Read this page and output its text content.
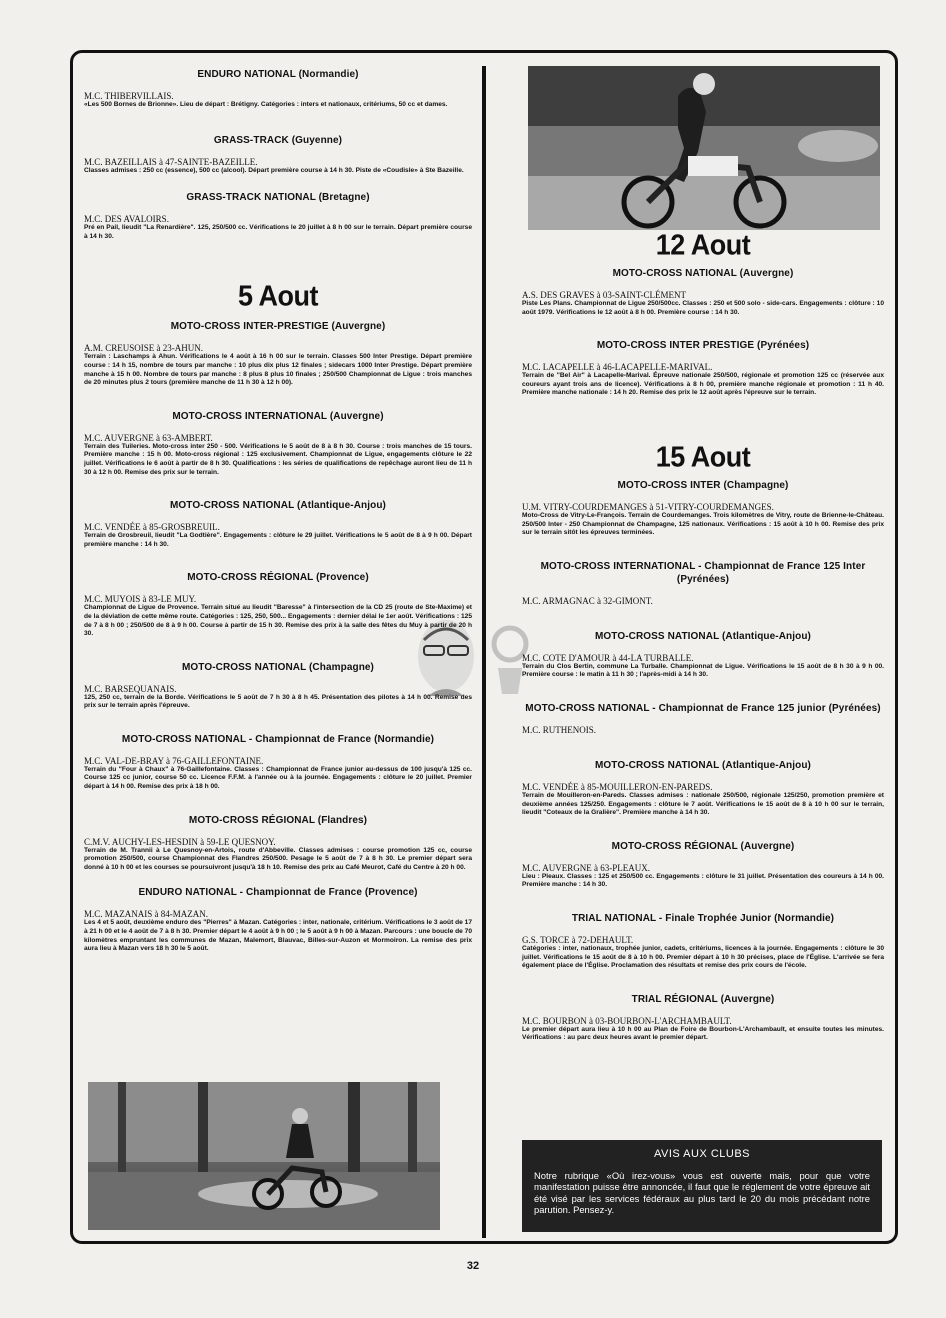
ENDURO NATIONAL (Normandie)

M.C. THIBERVILLAIS.

«Les 500 Bornes de Brionne». Lieu de départ : Brétigny. Catégories : inters et nationaux, critériums, 50 cc et dames.

GRASS-TRACK (Guyenne)

M.C. BAZEILLAIS à 47-SAINTE-BAZEILLE.

Classes admises : 250 cc (essence), 500 cc (alcool). Départ première course à 14 h 30. Piste de «Coudisle» à Ste Bazeille.

GRASS-TRACK NATIONAL (Bretagne)

M.C. DES AVALOIRS.

Pré en Pail, lieudit "La Renardière". 125, 250/500 cc. Vérifications le 20 juillet à 8 h 00 sur le terrain. Départ première course à 14 h 30.

5 Aout

MOTO-CROSS INTER-PRESTIGE (Auvergne)

A.M. CREUSOISE à 23-AHUN.

Terrain : Laschamps à Ahun. Vérifications le 4 août à 16 h 00 sur le terrain. Classes 500 Inter Prestige. Départ première course : 14 h 15, nombre de tours par manche : 10 plus dix plus 12 finales ; sidecars 1000 Inter Prestige. Départ première manche à 15 h 00. Nombre de tours par manche : 8 plus 8 plus 10 finales ; 250/500 Championnat de Ligue : trois manches de 20 minutes plus 2 tours (première manche de 11 h 30 à 12 h 00).

MOTO-CROSS INTERNATIONAL (Auvergne)

M.C. AUVERGNE à 63-AMBERT.

Terrain des Tuileries. Moto-cross inter 250 - 500. Vérifications le 5 août de 8 à 8 h 30. Course : trois manches de 15 tours. Première manche : 15 h 00. Moto-cross régional : 125 exclusivement. Championnat de Ligue, engagements clôture le 22 juillet. Vérifications le 6 août à partir de 8 h 30. Qualifications : les séries de qualifications de repêchage auront lieu de 11 h 30 à 12 h 00. Remise des prix sur le terrain.

MOTO-CROSS NATIONAL (Atlantique-Anjou)

M.C. VENDÉE à 85-GROSBREUIL.

Terrain de Grosbreuil, lieudit "La Godtière". Engagements : clôture le 29 juillet. Vérifications le 5 août de 8 à 9 h 00. Départ première manche : 14 h 30.

MOTO-CROSS RÉGIONAL (Provence)

M.C. MUYOIS à 83-LE MUY.

Championnat de Ligue de Provence. Terrain situé au lieudit "Baresse" à l'intersection de la CD 25 (route de Ste-Maxime) et de la déviation de cette même route. Catégories : 125, 250, 500... Engagements : dernier délai le 1er août. Vérifications : 125 de 7 à 8 h 00 ; 250/500 de 8 à 9 h 00. Course à partir de 15 h 30. Remise des prix à la salle des fêtes du Muy à partir de 20 h 30.

MOTO-CROSS NATIONAL (Champagne)

M.C. BARSEQUANAIS.

125, 250 cc, terrain de la Borde. Vérifications le 5 août de 7 h 30 à 8 h 45. Présentation des pilotes à 14 h 00. Remise des prix sur le terrain après l'épreuve.

MOTO-CROSS NATIONAL - Championnat de France (Normandie)

M.C. VAL-DE-BRAY à 76-GAILLEFONTAINE.

Terrain du "Four à Chaux" à 76-Gaillefontaine. Classes : Championnat de France junior au-dessus de 100 jusqu'à 125 cc. Course 125 cc junior, course 50 cc. Licence F.F.M. à l'année ou à la journée. Engagements : clôture le 20 juillet. Premier départ à 14 h 00. Remise des prix à 18 h 00.

MOTO-CROSS RÉGIONAL (Flandres)

C.M.V. AUCHY-LES-HESDIN à 59-LE QUESNOY.

Terrain de M. Trannii à Le Quesnoy-en-Artois, route d'Abbeville. Classes admises : course promotion 125 cc, course promotion 250/500, course Championnat des Flandres 250/500. Pesage le 5 août de 7 à 8 h 30. Le premier départ sera donné à 10 h 00 et les courses se poursuivront jusqu'à 18 h 10. Remise des prix au Café Meurot, Café du Centre à 20 h 00.

ENDURO NATIONAL - Championnat de France (Provence)

M.C. MAZANAIS à 84-MAZAN.

Les 4 et 5 août, deuxième enduro des "Pierres" à Mazan. Catégories : inter, nationale, critérium. Vérifications le 3 août de 17 à 21 h 00 et le 4 août de 7 à 8 h 30. Premier départ le 4 août à 9 h 00 ; le 5 août à 9 h 00 à Mazan. Parcours : une boucle de 70 kilomètres empruntant les communes de Mazan, Malemort, Blauvac, Billes-sur-Auzon et Mormoiron. La remise des prix aura lieu à Mazan vers 18 h 30 le 5 août.

12 Aout

MOTO-CROSS NATIONAL (Auvergne)

A.S. DES GRAVES à 03-SAINT-CLÉMENT

Piste Les Plans. Championnat de Ligue 250/500cc. Classes : 250 et 500 solo - side-cars. Engagements : clôture : 10 août 1979. Vérifications le 12 août à 8 h 00. Première course : 14 h 30.

MOTO-CROSS INTER PRESTIGE (Pyrénées)

M.C. LACAPELLE à 46-LACAPELLE-MARIVAL.

Terrain de "Bel Air" à Lacapelle-Marival. Épreuve nationale 250/500, régionale et promotion 125 cc (réservée aux coureurs ayant trois ans de licence). Vérifications à 8 h 00, première manche régionale et promotion : 11 h 40. Première manche nationale : 14 h 20. Remise des prix le 12 août après l'épreuve sur le terrain.

15 Aout

MOTO-CROSS INTER (Champagne)

U.M. VITRY-COURDEMANGES à 51-VITRY-COURDEMANGES.

Moto-Cross de Vitry-Le-François. Terrain de Courdemanges. Trois kilomètres de Vitry, route de Brienne-le-Château. 250/500 Inter - 250 Championnat de Champagne, 125 nationaux. Vérifications : 15 août à 10 h 00. Remise des prix sur le terrain sitôt les épreuves terminées.

MOTO-CROSS INTERNATIONAL - Championnat de France 125 Inter (Pyrénées)

M.C. ARMAGNAC à 32-GIMONT.

MOTO-CROSS NATIONAL (Atlantique-Anjou)

M.C. COTE D'AMOUR à 44-LA TURBALLE.

Terrain du Clos Bertin, commune La Turballe. Championnat de Ligue. Vérifications le 15 août de 8 h 30 à 9 h 00. Première course : le matin à 11 h 30 ; l'après-midi à 14 h 30.

MOTO-CROSS NATIONAL - Championnat de France 125 junior (Pyrénées)

M.C. RUTHENOIS.

MOTO-CROSS NATIONAL (Atlantique-Anjou)

M.C. VENDÉE à 85-MOUILLERON-EN-PAREDS.

Terrain de Mouilleron-en-Pareds. Classes admises : nationale 250/500, régionale 125/250, promotion première et deuxième années 125/250. Engagements : clôture le 7 août. Vérifications le 15 août de 8 à 10 h 00 sur le terrain, lieudit "Coteaux de la Gralière". Première manche à 14 h 30.

MOTO-CROSS RÉGIONAL (Auvergne)

M.C. AUVERGNE à 63-PLEAUX.

Lieu : Pleaux. Classes : 125 et 250/500 cc. Engagements : clôture le 31 juillet. Présentation des coureurs à 14 h 00. Première manche : 14 h 30.

TRIAL NATIONAL - Finale Trophée Junior (Normandie)

G.S. TORCE à 72-DEHAULT.

Catégories : inter, nationaux, trophée junior, cadets, critériums, licences à la journée. Engagements : clôture le 30 juillet. Vérifications le 15 août de 8 à 10 h 00. Premier départ à 10 h 30 précises, place de l'Église. L'arrivée se fera également place de l'Église. Proclamation des résultats et remise des prix cours de l'école.

TRIAL RÉGIONAL (Auvergne)

M.C. BOURBON à 03-BOURBON-L'ARCHAMBAULT.

Le premier départ aura lieu à 10 h 00 au Plan de Foire de Bourbon-L'Archambault, et ensuite toutes les minutes. Vérifications : au parc deux heures avant le premier départ.

AVIS AUX CLUBS

Notre rubrique «Où irez-vous» vous est ouverte mais, pour que votre manifestation puisse être annoncée, il faut que le réglement de votre épreuve ait été visé par les services fédéraux au plus tard le 20 du mois précédant notre parution. Pensez-y.

32
